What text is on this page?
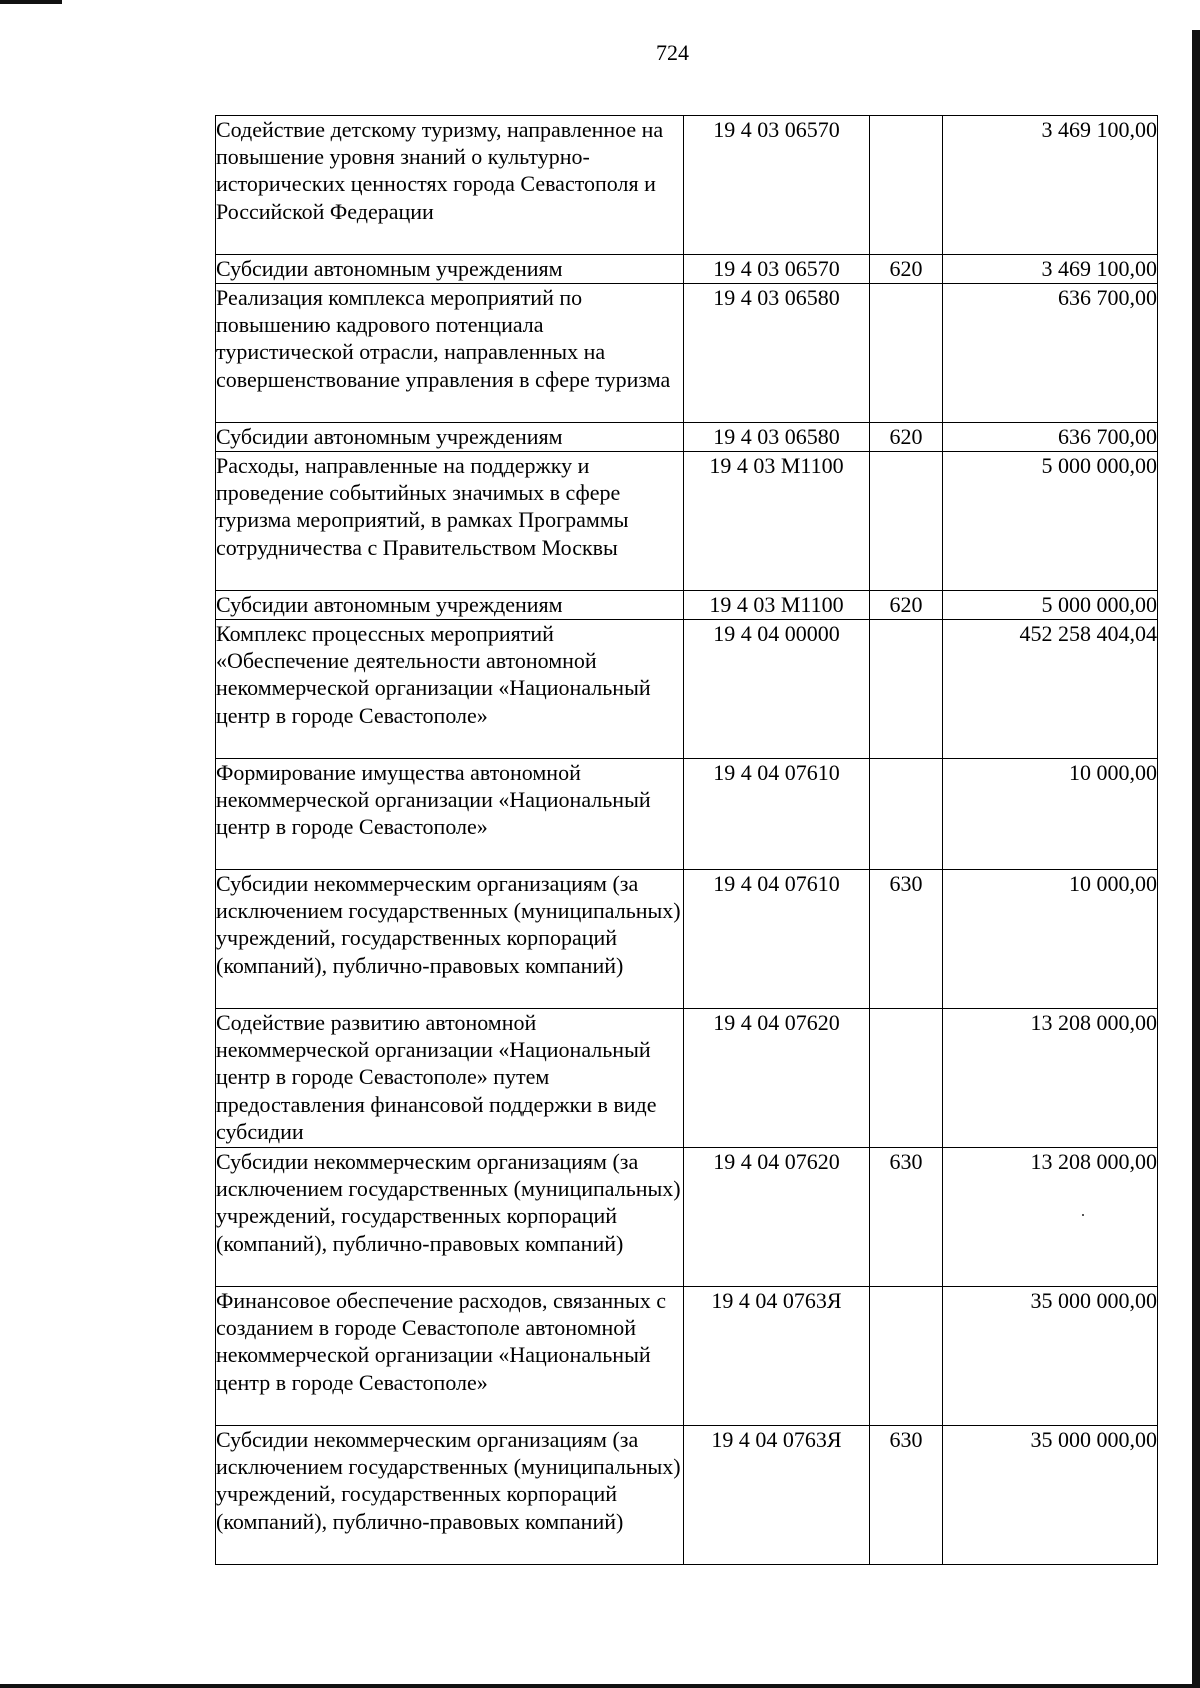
724
Содействие детскому туризму, направленное на повышение уровня знаний о культурно-исторических ценностях города Севастополя и Российской Федерации	19 4 03 06570		3 469 100,00
Субсидии автономным учреждениям	19 4 03 06570	620	3 469 100,00
Реализация комплекса мероприятий по повышению кадрового потенциала туристической отрасли, направленных на совершенствование управления в сфере туризма	19 4 03 06580		636 700,00
Субсидии автономным учреждениям	19 4 03 06580	620	636 700,00
Расходы, направленные на поддержку и проведение событийных значимых в сфере туризма мероприятий, в рамках Программы сотрудничества с Правительством Москвы	19 4 03 М1100		5 000 000,00
Субсидии автономным учреждениям	19 4 03 М1100	620	5 000 000,00
Комплекс процессных мероприятий «Обеспечение деятельности автономной некоммерческой организации «Национальный центр в городе Севастополе»	19 4 04 00000		452 258 404,04
Формирование имущества автономной некоммерческой организации «Национальный центр в городе Севастополе»	19 4 04 07610		10 000,00
Субсидии некоммерческим организациям (за исключением государственных (муниципальных) учреждений, государственных корпораций (компаний), публично-правовых компаний)	19 4 04 07610	630	10 000,00
Содействие развитию автономной некоммерческой организации «Национальный центр в городе Севастополе» путем предоставления финансовой поддержки в виде субсидии	19 4 04 07620		13 208 000,00
Субсидии некоммерческим организациям (за исключением государственных (муниципальных) учреждений, государственных корпораций (компаний), публично-правовых компаний)	19 4 04 07620	630	13 208 000,00
Финансовое обеспечение расходов, связанных с созданием в городе Севастополе автономной некоммерческой организации «Национальный центр в городе Севастополе»	19 4 04 0763Я		35 000 000,00
Субсидии некоммерческим организациям (за исключением государственных (муниципальных) учреждений, государственных корпораций (компаний), публично-правовых компаний)	19 4 04 0763Я	630	35 000 000,00
